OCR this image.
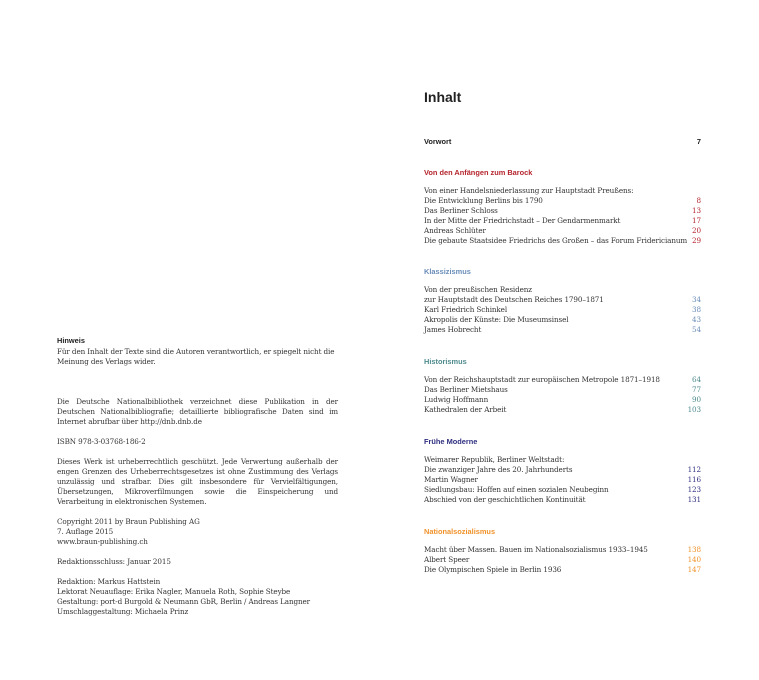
Hinweis
Für den Inhalt der Texte sind die Autoren verantwortlich, er spiegelt nicht die Meinung des Verlags wider.
Die Deutsche Nationalbibliothek verzeichnet diese Publikation in der Deutschen Nationalbibliografie; detaillierte bibliografische Daten sind im Internet abrufbar über http://dnb.dnb.de
ISBN 978-3-03768-186-2
Dieses Werk ist urheberrechtlich geschützt. Jede Verwertung außerhalb der engen Grenzen des Urheberrechtsgesetzes ist ohne Zustimmung des Verlags unzulässig und strafbar. Dies gilt insbesondere für Vervielfältigungen, Übersetzungen, Mikroverfilmungen sowie die Einspeicherung und Verarbeitung in elektronischen Systemen.
Copyright 2011 by Braun Publishing AG
7. Auflage 2015
www.braun-publishing.ch
Redaktionsschluss: Januar 2015
Redaktion: Markus Hattstein
Lektorat Neuauflage: Erika Nagler, Manuela Roth, Sophie Steybe
Gestaltung: port-d Burgold & Neumann GbR, Berlin / Andreas Langner
Umschlaggestaltung: Michaela Prinz
Inhalt
Vorwort	7
Von den Anfängen zum Barock
Von einer Handelsniederlassung zur Hauptstadt Preußens:
Die Entwicklung Berlins bis 1790	8
Das Berliner Schloss	13
In der Mitte der Friedrichstadt – Der Gendarmenmarkt	17
Andreas Schlüter	20
Die gebaute Staatsidee Friedrichs des Großen – das Forum Fridericianum 29
Klassizismus
Von der preußischen Residenz
zur Hauptstadt des Deutschen Reiches 1790–1871	34
Karl Friedrich Schinkel	38
Akropolis der Künste: Die Museumsinsel	43
James Hobrecht	54
Historismus
Von der Reichshauptstadt zur europäischen Metropole 1871–1918	64
Das Berliner Mietshaus	77
Ludwig Hoffmann	90
Kathedralen der Arbeit	103
Frühe Moderne
Weimarer Republik, Berliner Weltstadt:
Die zwanziger Jahre des 20. Jahrhunderts	112
Martin Wagner	116
Siedlungsbau: Hoffen auf einen sozialen Neubeginn	123
Abschied von der geschichtlichen Kontinuität	131
Nationalsozialismus
Macht über Massen. Bauen im Nationalsozialismus 1933–1945	138
Albert Speer	140
Die Olympischen Spiele in Berlin 1936	147
